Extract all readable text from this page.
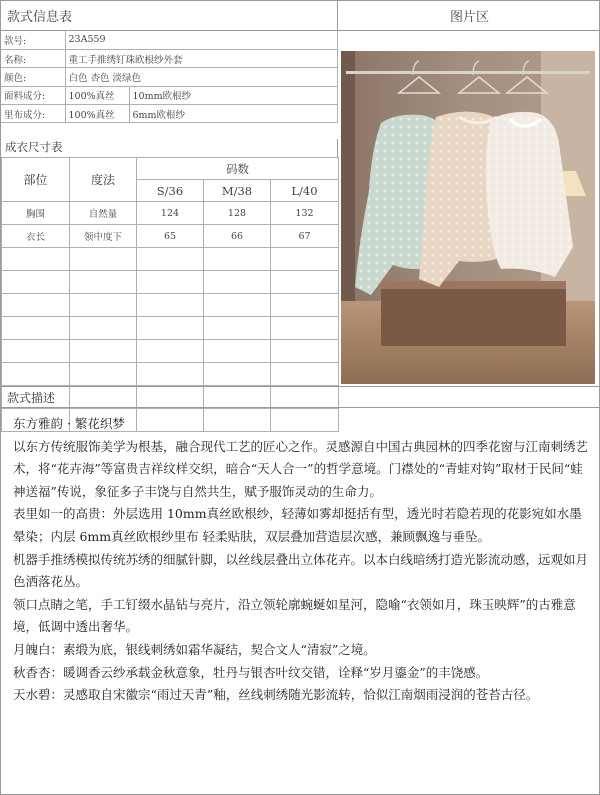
款式信息表	图片区
款号:	23A559	
名称:	重工手推绣钉珠欧根纱外套	
颜色:	白色 杏色 淡绿色	
面料成分:	100%真丝	10mm欧根纱
里布成分:	100%真丝	6mm欧根纱
成衣尺寸表
部位	度法	码数		
		S/36	M/38	L/40
胸围	自然量	124	128	132
衣长	领中度下	65	66	67

款式描述

东方雅韵 · 繁花织梦

以东方传统服饰美学为根基，融合现代工艺的匠心之作。灵感源自中国古典园林的四季花窗与江南刺绣艺术，将“花卉海”等富贵吉祥纹样交织，暗合“天人合一”的哲学意境。门襟处的“青蛙对钩”取材于民间“蛙神送福”传说，象征多子丰饶与自然共生，赋予服饰灵动的生命力。

表里如一的高贵：外层选用 10mm真丝欧根纱，轻薄如雾却挺括有型，透光时若隐若现的花影宛如水墨晕染；内层 6mm真丝欧根纱里布 轻柔贴肤，双层叠加营造层次感，兼顾飘逸与垂坠。

机器手推绣模拟传统苏绣的细腻针脚，以丝线层叠出立体花卉。以本白线暗绣打造光影流动感，远观如月色洒落花丛。

领口点睛之笔，手工钉缀水晶钻与亮片，沿立领轮廓蜿蜒如星河，隐喻“衣领如月，珠玉映辉”的古雅意境，低调中透出奢华。

月魄白：素缎为底，银线刺绣如霜华凝结，契合文人“清寂”之境。

秋香杏：暖调香云纱承载金秋意象，牡丹与银杏叶纹交错，诠释“岁月鎏金”的丰饶感。

天水碧：灵感取自宋徽宗“雨过天青”釉，丝线刺绣随光影流转，恰似江南烟雨浸润的苍苔古径。
